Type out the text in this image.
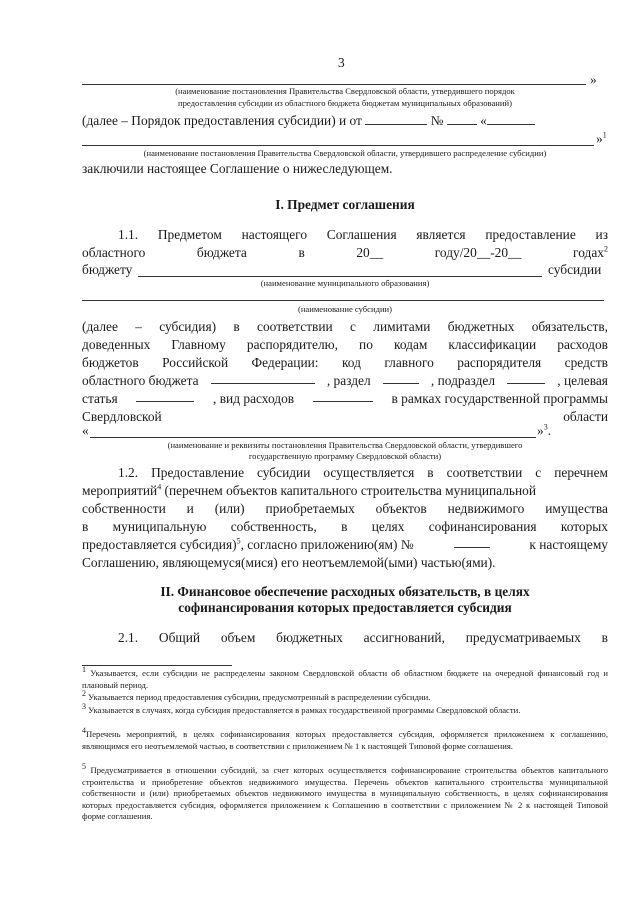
3
»
(наименование постановления Правительства Свердловской области, утвердившего порядок
предоставления субсидии из областного бюджета бюджетам муниципальных образований)
(далее – Порядок предоставления субсидии) и от	№	«
»$^1$
(наименование постановления Правительства Свердловской области, утвердившего распределение субсидии)
заключили настоящее Соглашение о нижеследующем.
I. Предмет соглашения
1.1. Предметом настоящего Соглашения является предоставление из
областного	бюджета	в	20__	году/20__-20__	годах$^2$
бюджету	субсидии
(наименование муниципального образования)
(наименование субсидии)
(далее – субсидия) в соответствии с лимитами бюджетных обязательств,
доведенных Главному распорядителю, по кодам классификации расходов
бюджетов Российской Федерации: код главного распорядителя средств
областного бюджета	, раздел	, подраздел	, целевая
статья	, вид расходов	в рамках государственной программы
Свердловской	области
«	»$^3$.
(наименование и реквизиты постановления Правительства Свердловской области, утвердившего
государственную программу Свердловской области)
1.2. Предоставление субсидии осуществляется в соответствии с перечнем
мероприятий$^4$ (перечнем объектов капитального строительства муниципальной
собственности и (или) приобретаемых объектов недвижимого имущества
в муниципальную собственность, в целях софинансирования которых
предоставляется субсидия)$^5$, согласно приложению(ям) №	к настоящему
Соглашению, являющемуся(мися) его неотъемлемой(ыми) частью(ями).
II. Финансовое обеспечение расходных обязательств, в целях
софинансирования которых предоставляется субсидия
2.1. Общий объем бюджетных ассигнований, предусматриваемых в
$^1$ Указывается, если субсидии не распределены законом Свердловской области об областном бюджете на очередной финансовый год и плановый период.
$^2$ Указывается период предоставления субсидии, предусмотренный в распределении субсидии.
$^3$ Указывается в случаях, когда субсидия предоставляется в рамках государственной программы Свердловской области.
$^4$Перечень мероприятий, в целях софинансирования которых предоставляется субсидия, оформляется приложением к соглашению, являющимся его неотъемлемой частью, в соответствии с приложением № 1 к настоящей Типовой форме соглашения.
$^5$ Предусматривается в отношении субсидий, за счет которых осуществляется софинансирование строительства объектов капитального строительства и приобретение объектов недвижимого имущества. Перечень объектов капитального строительства муниципальной собственности и (или) приобретаемых объектов недвижимого имущества в муниципальную собственность, в целях софинансирования которых предоставляется субсидия, оформляется приложением к Соглашению в соответствии с приложением № 2 к настоящей Типовой форме соглашения.
